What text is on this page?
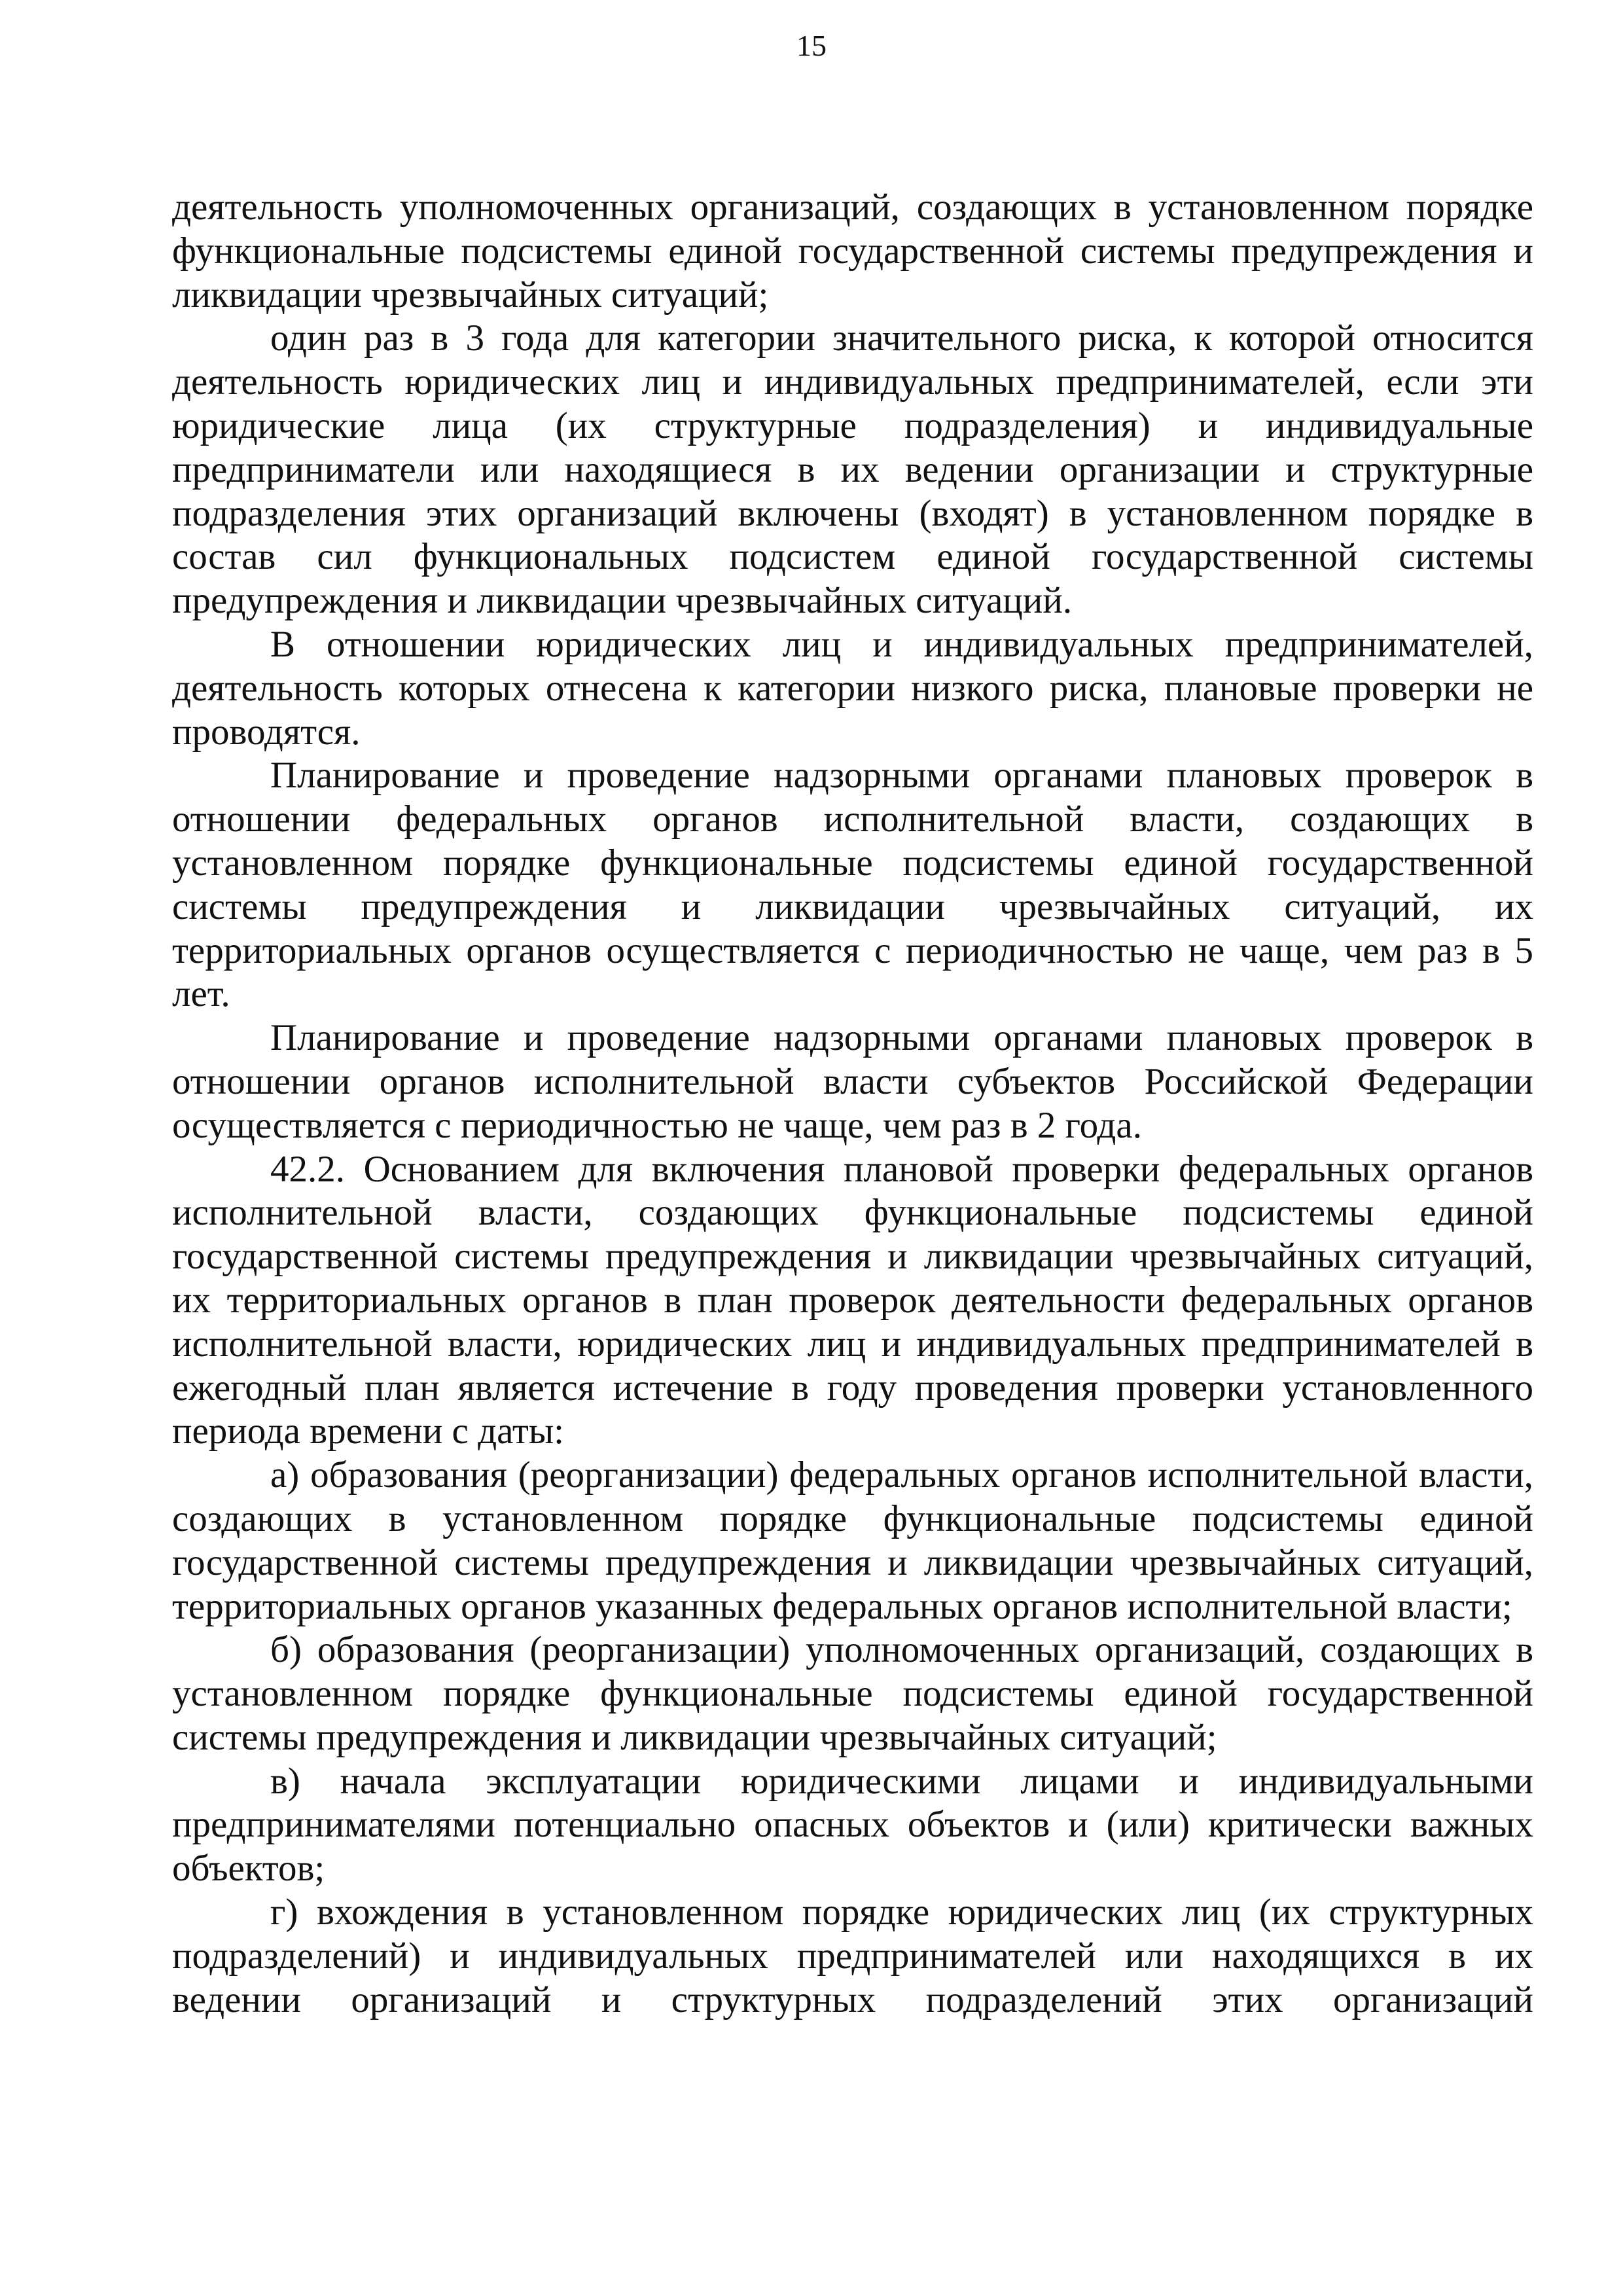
15

деятельность уполномоченных организаций, создающих в установленном порядке функциональные подсистемы единой государственной системы предупреждения и ликвидации чрезвычайных ситуаций;

один раз в 3 года для категории значительного риска, к которой относится деятельность юридических лиц и индивидуальных предпринимателей, если эти юридические лица (их структурные подразделения) и индивидуальные предприниматели или находящиеся в их ведении организации и структурные подразделения этих организаций включены (входят) в установленном порядке в состав сил функциональных подсистем единой государственной системы предупреждения и ликвидации чрезвычайных ситуаций.

В отношении юридических лиц и индивидуальных предпринимателей, деятельность которых отнесена к категории низкого риска, плановые проверки не проводятся.

Планирование и проведение надзорными органами плановых проверок в отношении федеральных органов исполнительной власти, создающих в установленном порядке функциональные подсистемы единой государственной системы предупреждения и ликвидации чрезвычайных ситуаций, их территориальных органов осуществляется с периодичностью не чаще, чем раз в 5 лет.

Планирование и проведение надзорными органами плановых проверок в отношении органов исполнительной власти субъектов Российской Федерации осуществляется с периодичностью не чаще, чем раз в 2 года.

42.2. Основанием для включения плановой проверки федеральных органов исполнительной власти, создающих функциональные подсистемы единой государственной системы предупреждения и ликвидации чрезвычайных ситуаций, их территориальных органов в план проверок деятельности федеральных органов исполнительной власти, юридических лиц и индивидуальных предпринимателей в ежегодный план является истечение в году проведения проверки установленного периода времени с даты:

а) образования (реорганизации) федеральных органов исполнительной власти, создающих в установленном порядке функциональные подсистемы единой государственной системы предупреждения и ликвидации чрезвычайных ситуаций, территориальных органов указанных федеральных органов исполнительной власти;

б) образования (реорганизации) уполномоченных организаций, создающих в установленном порядке функциональные подсистемы единой государственной системы предупреждения и ликвидации чрезвычайных ситуаций;

в) начала эксплуатации юридическими лицами и индивидуальными предпринимателями потенциально опасных объектов и (или) критически важных объектов;

г) вхождения в установленном порядке юридических лиц (их структурных подразделений) и индивидуальных предпринимателей или находящихся в их ведении организаций и структурных подразделений этих организаций
